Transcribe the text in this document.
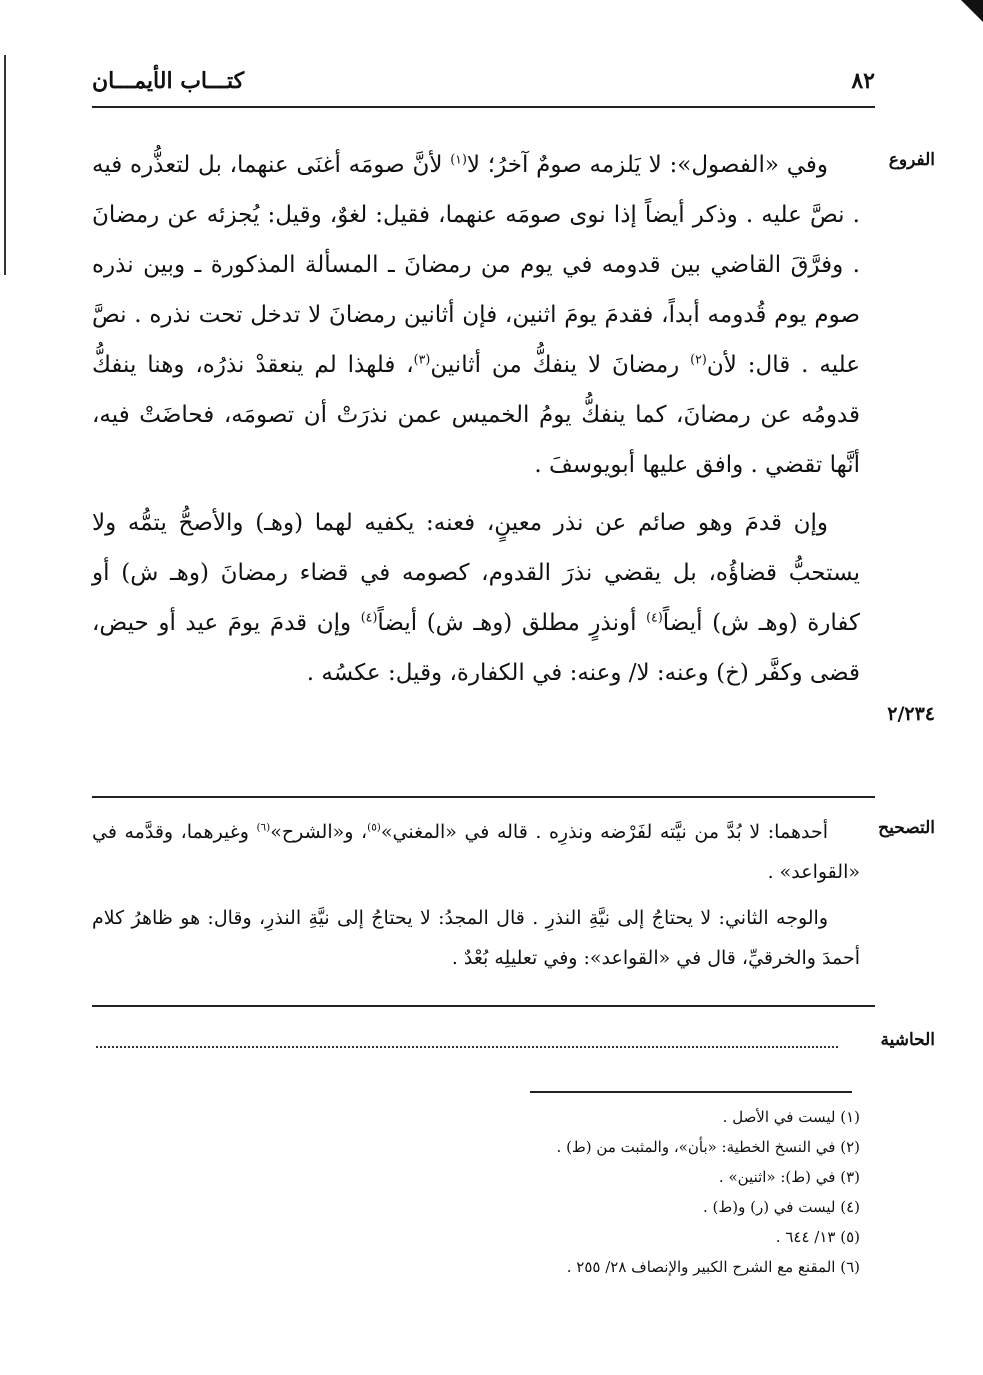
٨٢
كتـــاب الأيمـــان
الفروع

وفي «الفصول»: لا يَلزمه صومٌ آخرُ؛ لا$^{(١)}$ لأنَّ صومَه أغنَى عنهما، بل لتعذُّره فيه . نصَّ عليه . وذكر أيضاً إذا نوى صومَه عنهما، فقيل: لغوٌ، وقيل: يُجزئه عن رمضانَ . وفرَّقَ القاضي بين قدومه في يوم من رمضانَ ـ المسألة المذكورة ـ وبين نذره صوم يوم قُدومه أبداً، فقدمَ يومَ اثنين، فإن أثانين رمضانَ لا تدخل تحت نذره . نصَّ عليه . قال: لأن$^{(٢)}$ رمضانَ لا ينفكُّ من أثانين$^{(٣)}$، فلهذا لم ينعقدْ نذرُه، وهنا ينفكُّ قدومُه عن رمضانَ، كما ينفكُّ يومُ الخميس عمن نذرَتْ أن تصومَه، فحاضَتْ فيه، أنَّها تقضي . وافق عليها أبويوسفَ .

وإن قدمَ وهو صائم عن نذر معينٍ، فعنه: يكفيه لهما (وهـ) والأصحُّ يتمُّه ولا يستحبُّ قضاؤُه، بل يقضي نذرَ القدوم، كصومه في قضاء رمضانَ (وهـ ش) أو كفارة (وهـ ش) أيضاً$^{(٤)}$ أونذرٍ مطلق (وهـ ش) أيضاً$^{(٤)}$ وإن قدمَ يومَ عيد أو حيض، قضى وكفَّر (خ) وعنه: لا/ وعنه: في الكفارة، وقيل: عكسُه .

٢/٢٣٤
التصحيح

أحدهما: لا بُدَّ من نيَّته لفَرْضه ونذرِه . قاله في «المغني»$^{(٥)}$، و«الشرح»$^{(٦)}$ وغيرهما، وقدَّمه في «القواعد» .

والوجه الثاني: لا يحتاجُ إلى نيَّةِ النذرِ . قال المجدُ: لا يحتاجُ إلى نيَّةِ النذرِ، وقال: هو ظاهرُ كلام أحمدَ والخرقيِّ، قال في «القواعد»: وفي تعليلِه بُعْدٌ .

الحاشية
(١) ليست في الأصل .
(٢) في النسخ الخطية: «بأن»، والمثبت من (ط) .
(٣) في (ط): «اثنين» .
(٤) ليست في (ر) و(ط) .
(٥) ١٣/ ٦٤٤ .
(٦) المقنع مع الشرح الكبير والإنصاف ٢٨/ ٢٥٥ .
